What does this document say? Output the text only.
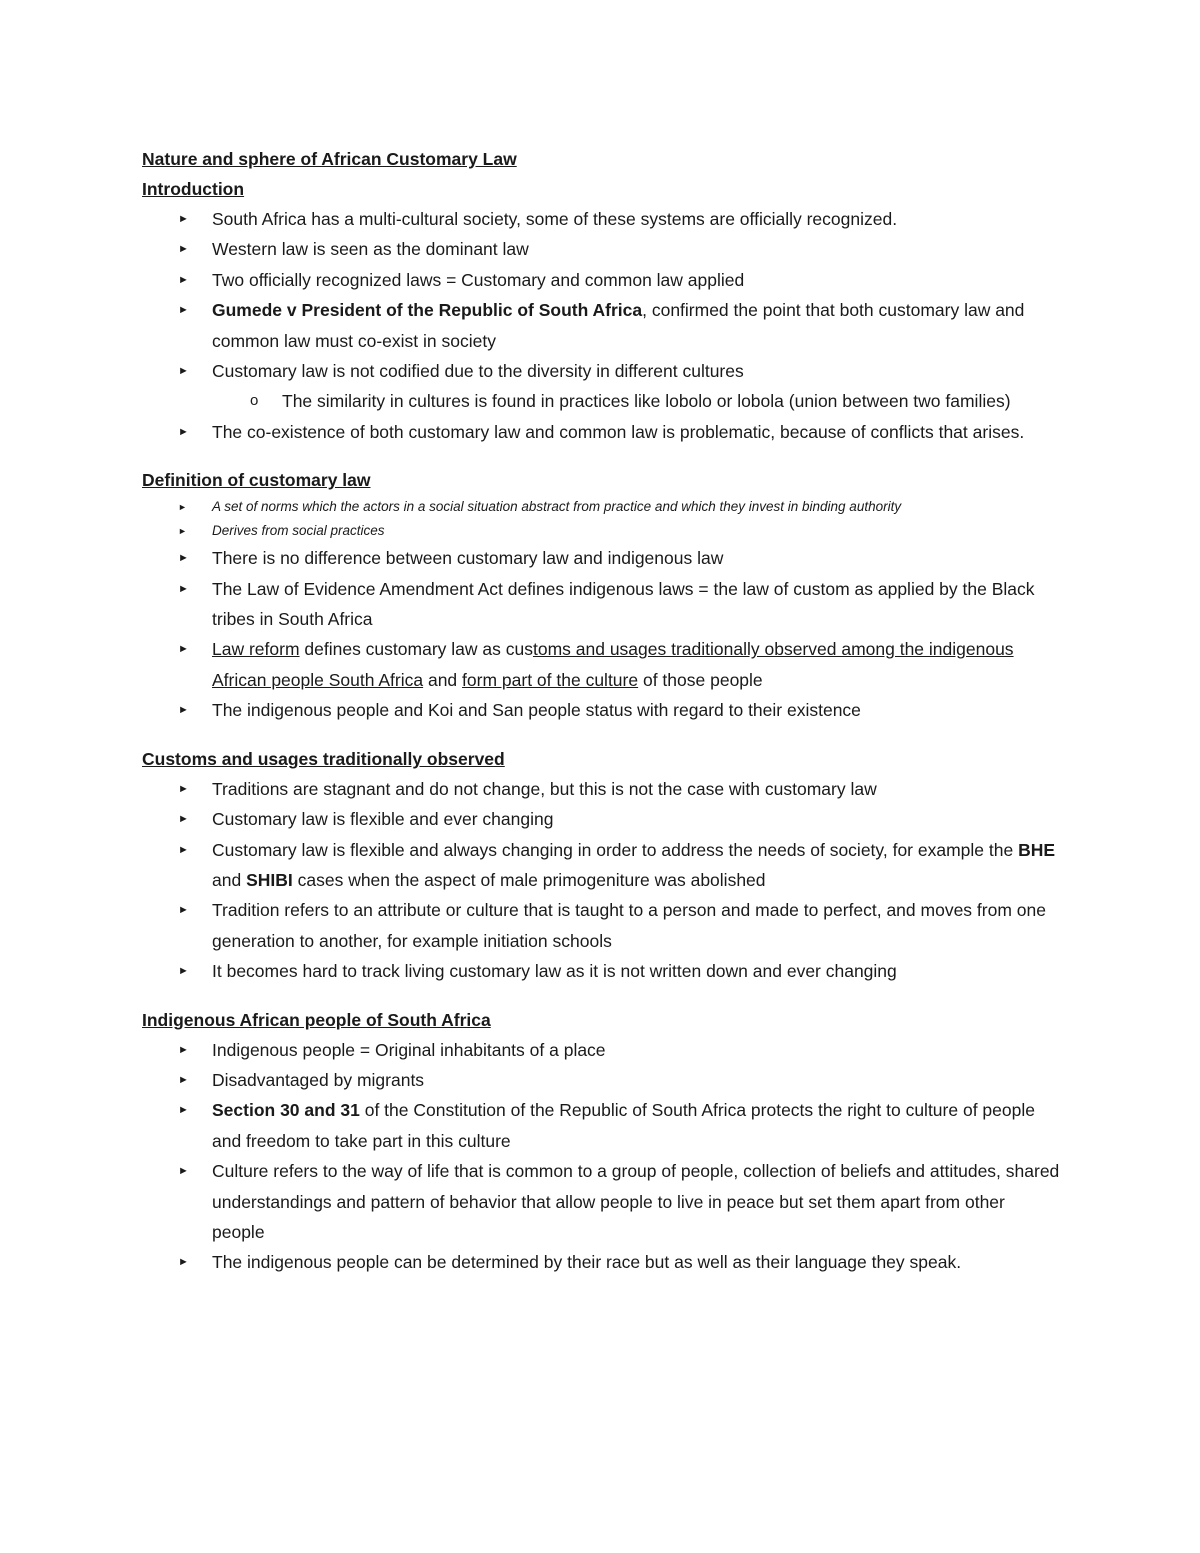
Nature and sphere of African Customary Law

Introduction

► South Africa has a multi-cultural society, some of these systems are officially recognized.
► Western law is seen as the dominant law
► Two officially recognized laws = Customary and common law applied
► Gumede v President of the Republic of South Africa, confirmed the point that both customary law and common law must co-exist in society
► Customary law is not codified due to the diversity in different cultures
o The similarity in cultures is found in practices like lobolo or lobola (union between two families)
► The co-existence of both customary law and common law is problematic, because of conflicts that arises.

Definition of customary law

► A set of norms which the actors in a social situation abstract from practice and which they invest in binding authority
► Derives from social practices
► There is no difference between customary law and indigenous law
► The Law of Evidence Amendment Act defines indigenous laws = the law of custom as applied by the Black tribes in South Africa
► Law reform defines customary law as customs and usages traditionally observed among the indigenous African people South Africa and form part of the culture of those people
► The indigenous people and Koi and San people status with regard to their existence

Customs and usages traditionally observed

► Traditions are stagnant and do not change, but this is not the case with customary law
► Customary law is flexible and ever changing
► Customary law is flexible and always changing in order to address the needs of society, for example the BHE and SHIBI cases when the aspect of male primogeniture was abolished
► Tradition refers to an attribute or culture that is taught to a person and made to perfect, and moves from one generation to another, for example initiation schools
► It becomes hard to track living customary law as it is not written down and ever changing

Indigenous African people of South Africa

► Indigenous people = Original inhabitants of a place
► Disadvantaged by migrants
► Section 30 and 31 of the Constitution of the Republic of South Africa protects the right to culture of people and freedom to take part in this culture
► Culture refers to the way of life that is common to a group of people, collection of beliefs and attitudes, shared understandings and pattern of behavior that allow people to live in peace but set them apart from other people
► The indigenous people can be determined by their race but as well as their language they speak.
